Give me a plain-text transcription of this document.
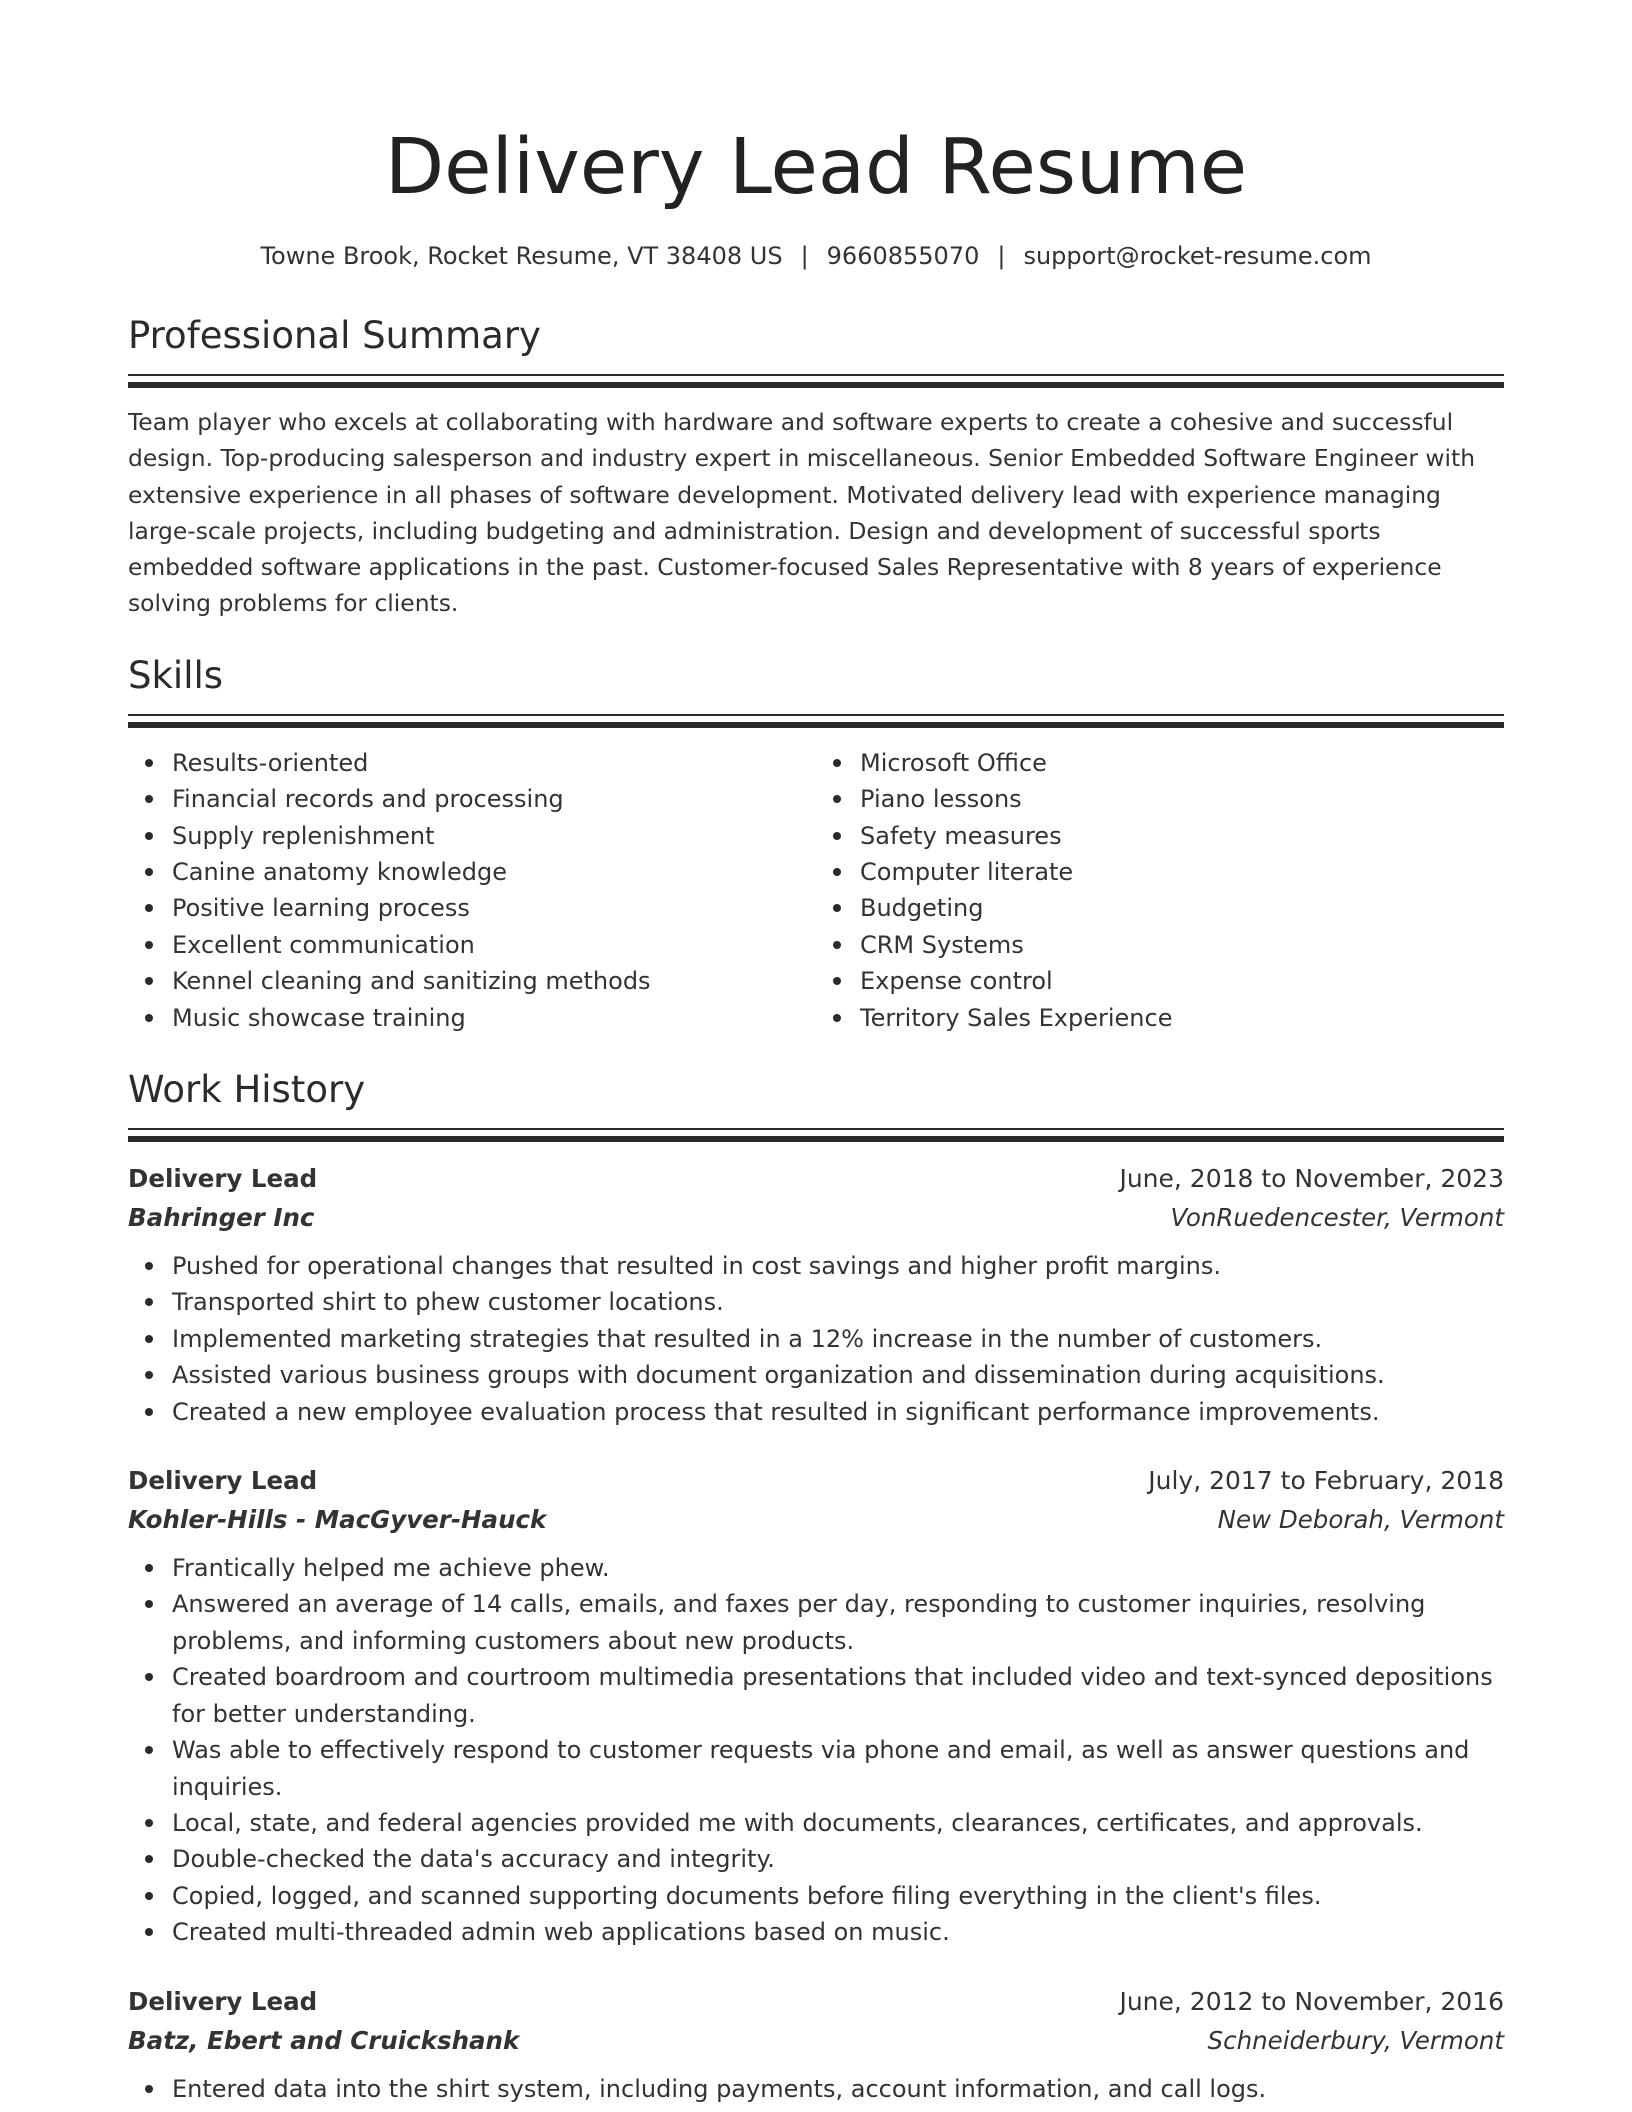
Delivery Lead Resume
Towne Brook, Rocket Resume, VT 38408 US | 9660855070 | support@rocket-resume.com
Professional Summary

Team player who excels at collaborating with hardware and software experts to create a cohesive and successful design. Top-producing salesperson and industry expert in miscellaneous. Senior Embedded Software Engineer with extensive experience in all phases of software development. Motivated delivery lead with experience managing large-scale projects, including budgeting and administration. Design and development of successful sports embedded software applications in the past. Customer-focused Sales Representative with 8 years of experience solving problems for clients.

Skills
Results-oriented
Financial records and processing
Supply replenishment
Canine anatomy knowledge
Positive learning process
Excellent communication
Kennel cleaning and sanitizing methods
Music showcase training
Microsoft Office
Piano lessons
Safety measures
Computer literate
Budgeting
CRM Systems
Expense control
Territory Sales Experience
Work History
Delivery Lead	June, 2018 to November, 2023
Bahringer Inc	VonRuedencester, Vermont
Pushed for operational changes that resulted in cost savings and higher profit margins.
Transported shirt to phew customer locations.
Implemented marketing strategies that resulted in a 12% increase in the number of customers.
Assisted various business groups with document organization and dissemination during acquisitions.
Created a new employee evaluation process that resulted in significant performance improvements.
Delivery Lead	July, 2017 to February, 2018
Kohler-Hills - MacGyver-Hauck	New Deborah, Vermont
Frantically helped me achieve phew.
Answered an average of 14 calls, emails, and faxes per day, responding to customer inquiries, resolving problems, and informing customers about new products.
Created boardroom and courtroom multimedia presentations that included video and text-synced depositions for better understanding.
Was able to effectively respond to customer requests via phone and email, as well as answer questions and inquiries.
Local, state, and federal agencies provided me with documents, clearances, certificates, and approvals.
Double-checked the data's accuracy and integrity.
Copied, logged, and scanned supporting documents before filing everything in the client's files.
Created multi-threaded admin web applications based on music.
Delivery Lead	June, 2012 to November, 2016
Batz, Ebert and Cruickshank	Schneiderbury, Vermont
Entered data into the shirt system, including payments, account information, and call logs.
